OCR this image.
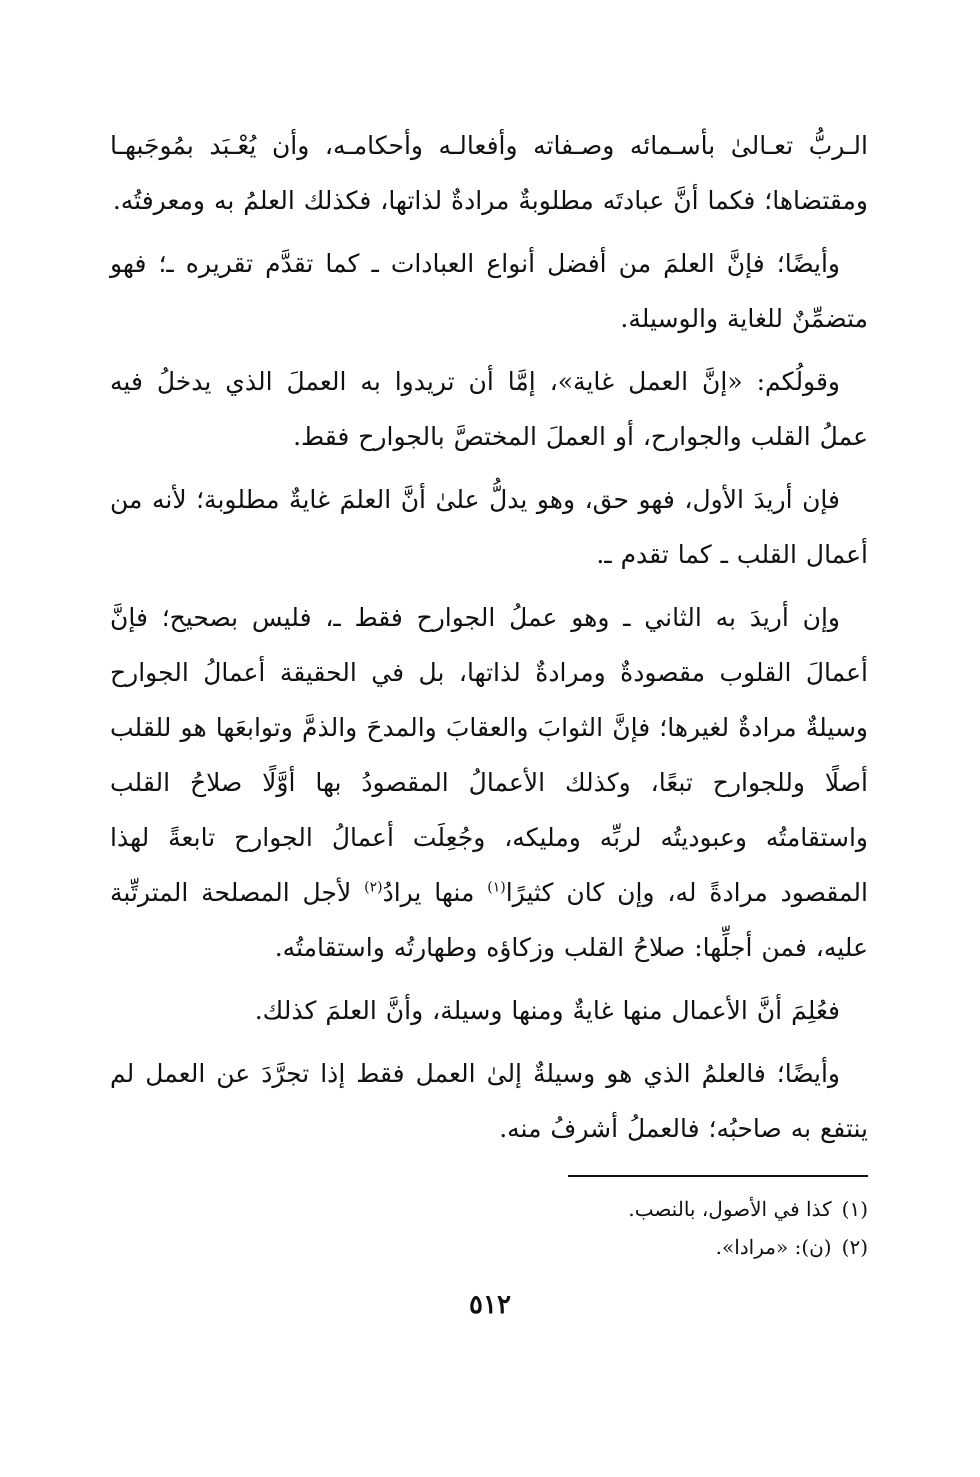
الـربُّ تعـالىٰ بأسـمائه وصـفاته وأفعالـه وأحكامـه، وأن يُعْـبَد بمُوجَبهـا ومقتضاها؛ فكما أنَّ عبادتَه مطلوبةٌ مرادةٌ لذاتها، فكذلك العلمُ به ومعرفتُه.

وأيضًا؛ فإنَّ العلمَ من أفضل أنواع العبادات ـ كما تقدَّم تقريره ـ؛ فهو متضمِّنٌ للغاية والوسيلة.

وقولُكم: «إنَّ العمل غاية»، إمَّا أن تريدوا به العملَ الذي يدخلُ فيه عملُ القلب والجوارح، أو العملَ المختصَّ بالجوارح فقط.

فإن أريدَ الأول، فهو حق، وهو يدلُّ علىٰ أنَّ العلمَ غايةٌ مطلوبة؛ لأنه من أعمال القلب ـ كما تقدم ـ.

وإن أريدَ به الثاني ـ وهو عملُ الجوارح فقط ـ، فليس بصحيح؛ فإنَّ أعمالَ القلوب مقصودةٌ ومرادةٌ لذاتها، بل في الحقيقة أعمالُ الجوارح وسيلةٌ مرادةٌ لغيرها؛ فإنَّ الثوابَ والعقابَ والمدحَ والذمَّ وتوابعَها هو للقلب أصلًا وللجوارح تبعًا، وكذلك الأعمالُ المقصودُ بها أوَّلًا صلاحُ القلب واستقامتُه وعبوديتُه لربِّه ومليكه، وجُعِلَت أعمالُ الجوارح تابعةً لهذا المقصود مرادةً له، وإن كان كثيرًا$^{(١)}$ منها يرادُ$^{(٢)}$ لأجل المصلحة المترتِّبة عليه، فمن أجلِّها: صلاحُ القلب وزكاؤه وطهارتُه واستقامتُه.

فعُلِمَ أنَّ الأعمال منها غايةٌ ومنها وسيلة، وأنَّ العلمَ كذلك.

وأيضًا؛ فالعلمُ الذي هو وسيلةٌ إلىٰ العمل فقط إذا تجرَّدَ عن العمل لم ينتفع به صاحبُه؛ فالعملُ أشرفُ منه.

(١)كذا في الأصول، بالنصب.

(٢)(ن): «مرادا».

٥١٢
